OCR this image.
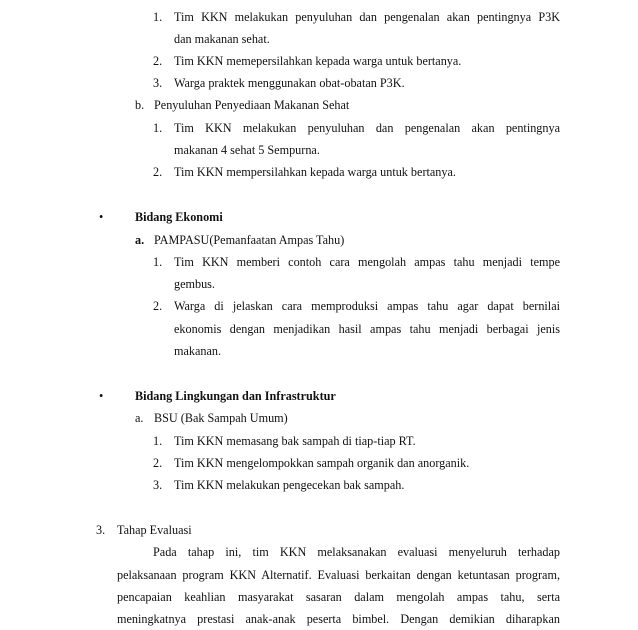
1. Tim KKN melakukan penyuluhan dan pengenalan akan pentingnya P3K
dan makanan sehat.
2. Tim KKN memepersilahkan kepada warga untuk bertanya.
3. Warga praktek menggunakan obat-obatan P3K.
b. Penyuluhan Penyediaan Makanan Sehat
1. Tim KKN melakukan penyuluhan dan pengenalan akan pentingnya
makanan 4 sehat 5 Sempurna.
2. Tim KKN mempersilahkan kepada warga untuk bertanya.
•	Bidang Ekonomi
a. PAMPASU(Pemanfaatan Ampas Tahu)
1. Tim KKN memberi contoh cara mengolah ampas tahu menjadi tempe
gembus.
2. Warga di jelaskan cara memproduksi ampas tahu agar dapat bernilai
ekonomis dengan menjadikan hasil ampas tahu menjadi berbagai jenis
makanan.
•	Bidang Lingkungan dan Infrastruktur
a. BSU (Bak Sampah Umum)
1. Tim KKN memasang bak sampah di tiap-tiap RT.
2. Tim KKN mengelompokkan sampah organik dan anorganik.
3. Tim KKN melakukan pengecekan bak sampah.
3. Tahap Evaluasi
Pada tahap ini, tim KKN melaksanakan evaluasi menyeluruh terhadap
pelaksanaan program KKN Alternatif. Evaluasi berkaitan dengan ketuntasan program,
pencapaian keahlian masyarakat sasaran dalam mengolah ampas tahu, serta
meningkatnya prestasi anak-anak peserta bimbel. Dengan demikian diharapkan
